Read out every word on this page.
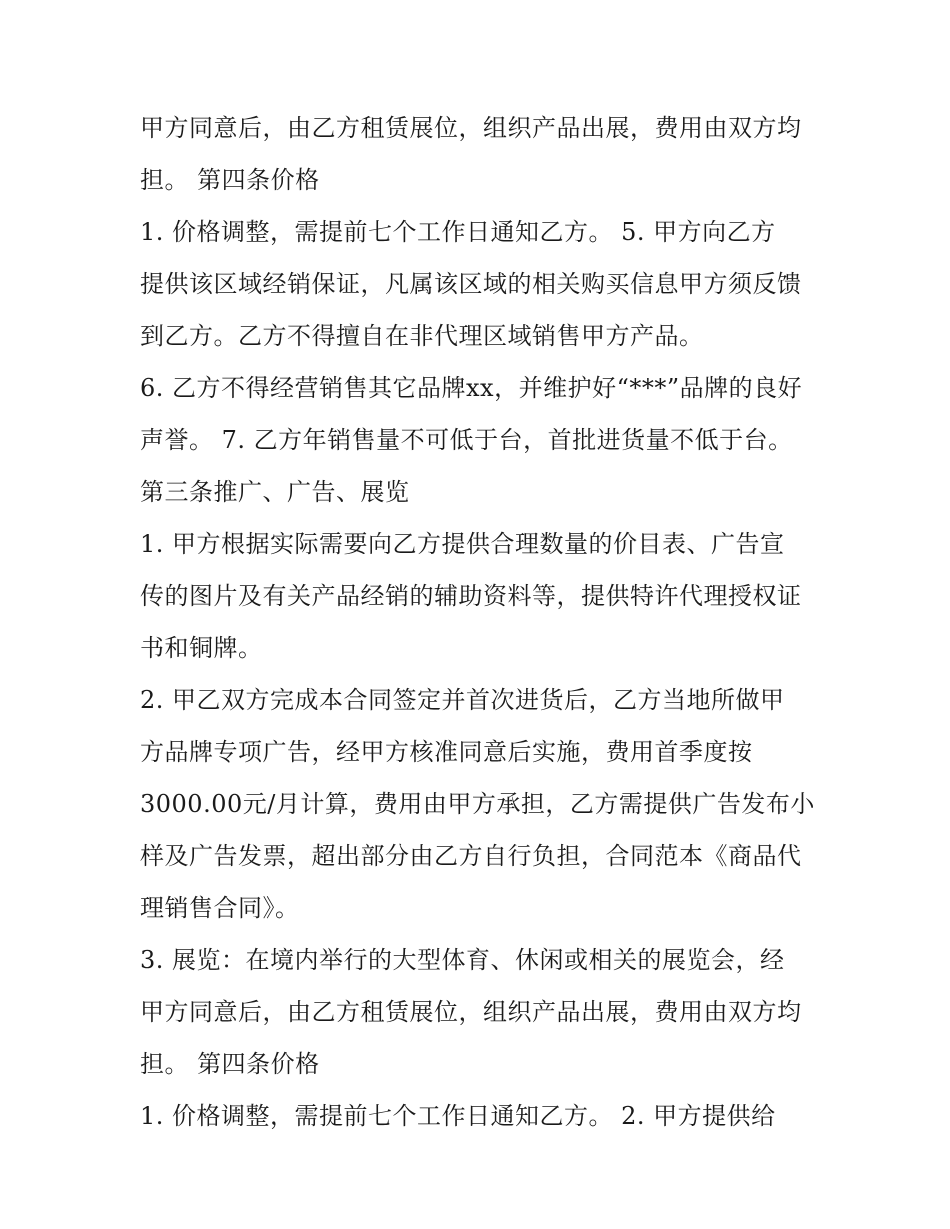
甲方同意后，由乙方租赁展位，组织产品出展，费用由双方均
担。 第四条价格
1. 价格调整，需提前七个工作日通知乙方。 5. 甲方向乙方
提供该区域经销保证，凡属该区域的相关购买信息甲方须反馈
到乙方。乙方不得擅自在非代理区域销售甲方产品。
6. 乙方不得经营销售其它品牌xx，并维护好“***”品牌的良好
声誉。 7. 乙方年销售量不可低于台，首批进货量不低于台。
第三条推广、广告、展览
1. 甲方根据实际需要向乙方提供合理数量的价目表、广告宣
传的图片及有关产品经销的辅助资料等，提供特许代理授权证
书和铜牌。
2. 甲乙双方完成本合同签定并首次进货后，乙方当地所做甲
方品牌专项广告，经甲方核准同意后实施，费用首季度按
3000.00元/月计算，费用由甲方承担，乙方需提供广告发布小
样及广告发票，超出部分由乙方自行负担，合同范本《商品代
理销售合同》。
3. 展览：在境内举行的大型体育、休闲或相关的展览会，经
甲方同意后，由乙方租赁展位，组织产品出展，费用由双方均
担。 第四条价格
1. 价格调整，需提前七个工作日通知乙方。 2. 甲方提供给
